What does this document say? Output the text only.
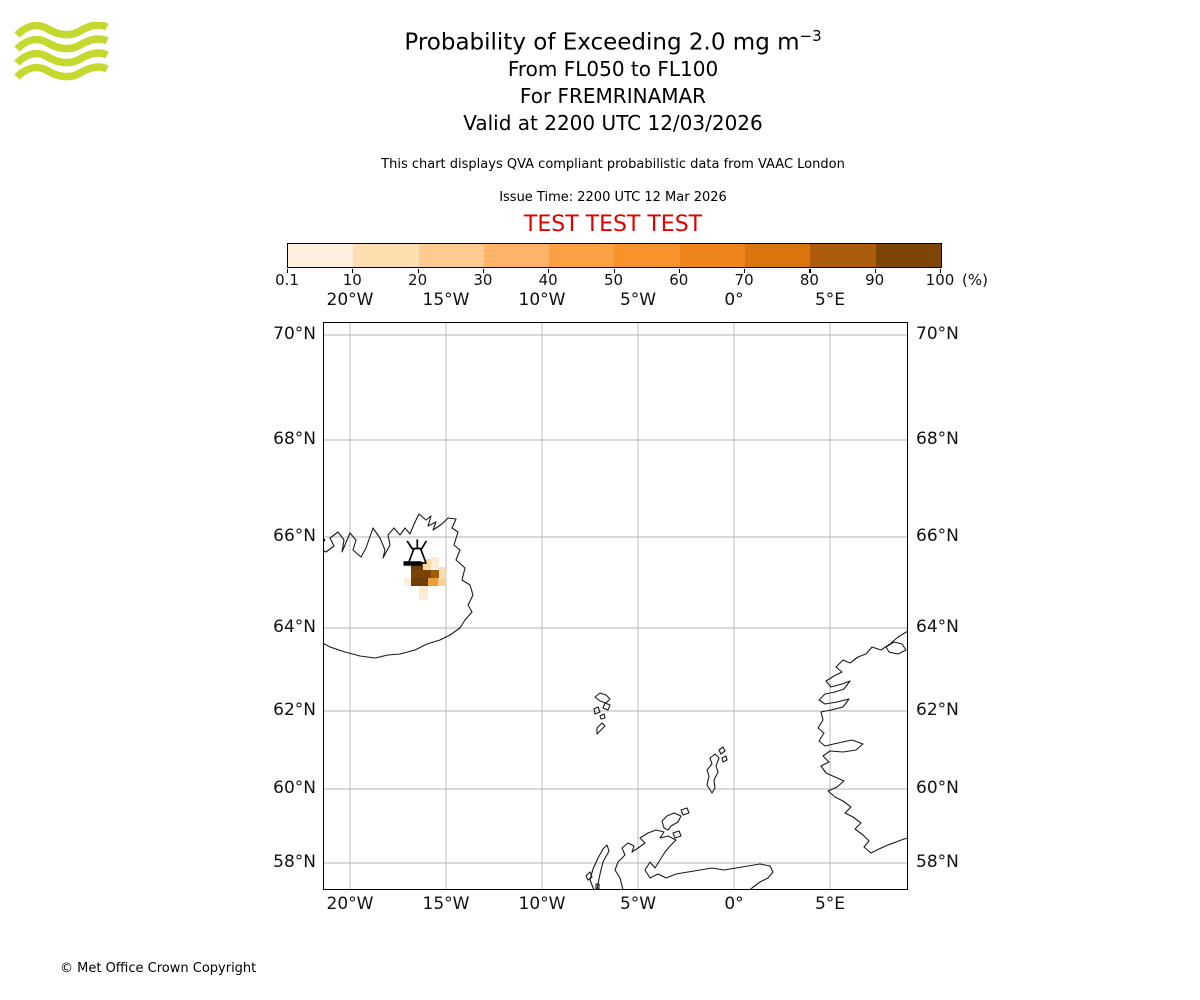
Probability of Exceeding 2.0 mg $m^{-3}$
From FL050 to FL100
For FREMRINAMAR
Valid at 2200 UTC 12/03/2026
This chart displays QVA compliant probabilistic data from VAAC London
Issue Time: 2200 UTC 12 Mar 2026
TEST TEST TEST
0.1	10	20	30	40	50	60	70	80	90	100 (%)
20°W
20°W
15°W
15°W
10°W
10°W
5°W
5°W
0°
0°
5°E
5°E
70°N	70°N
68°N	68°N
66°N	66°N
64°N	64°N
62°N	62°N
60°N	60°N
58°N	58°N
© Met Office Crown Copyright
